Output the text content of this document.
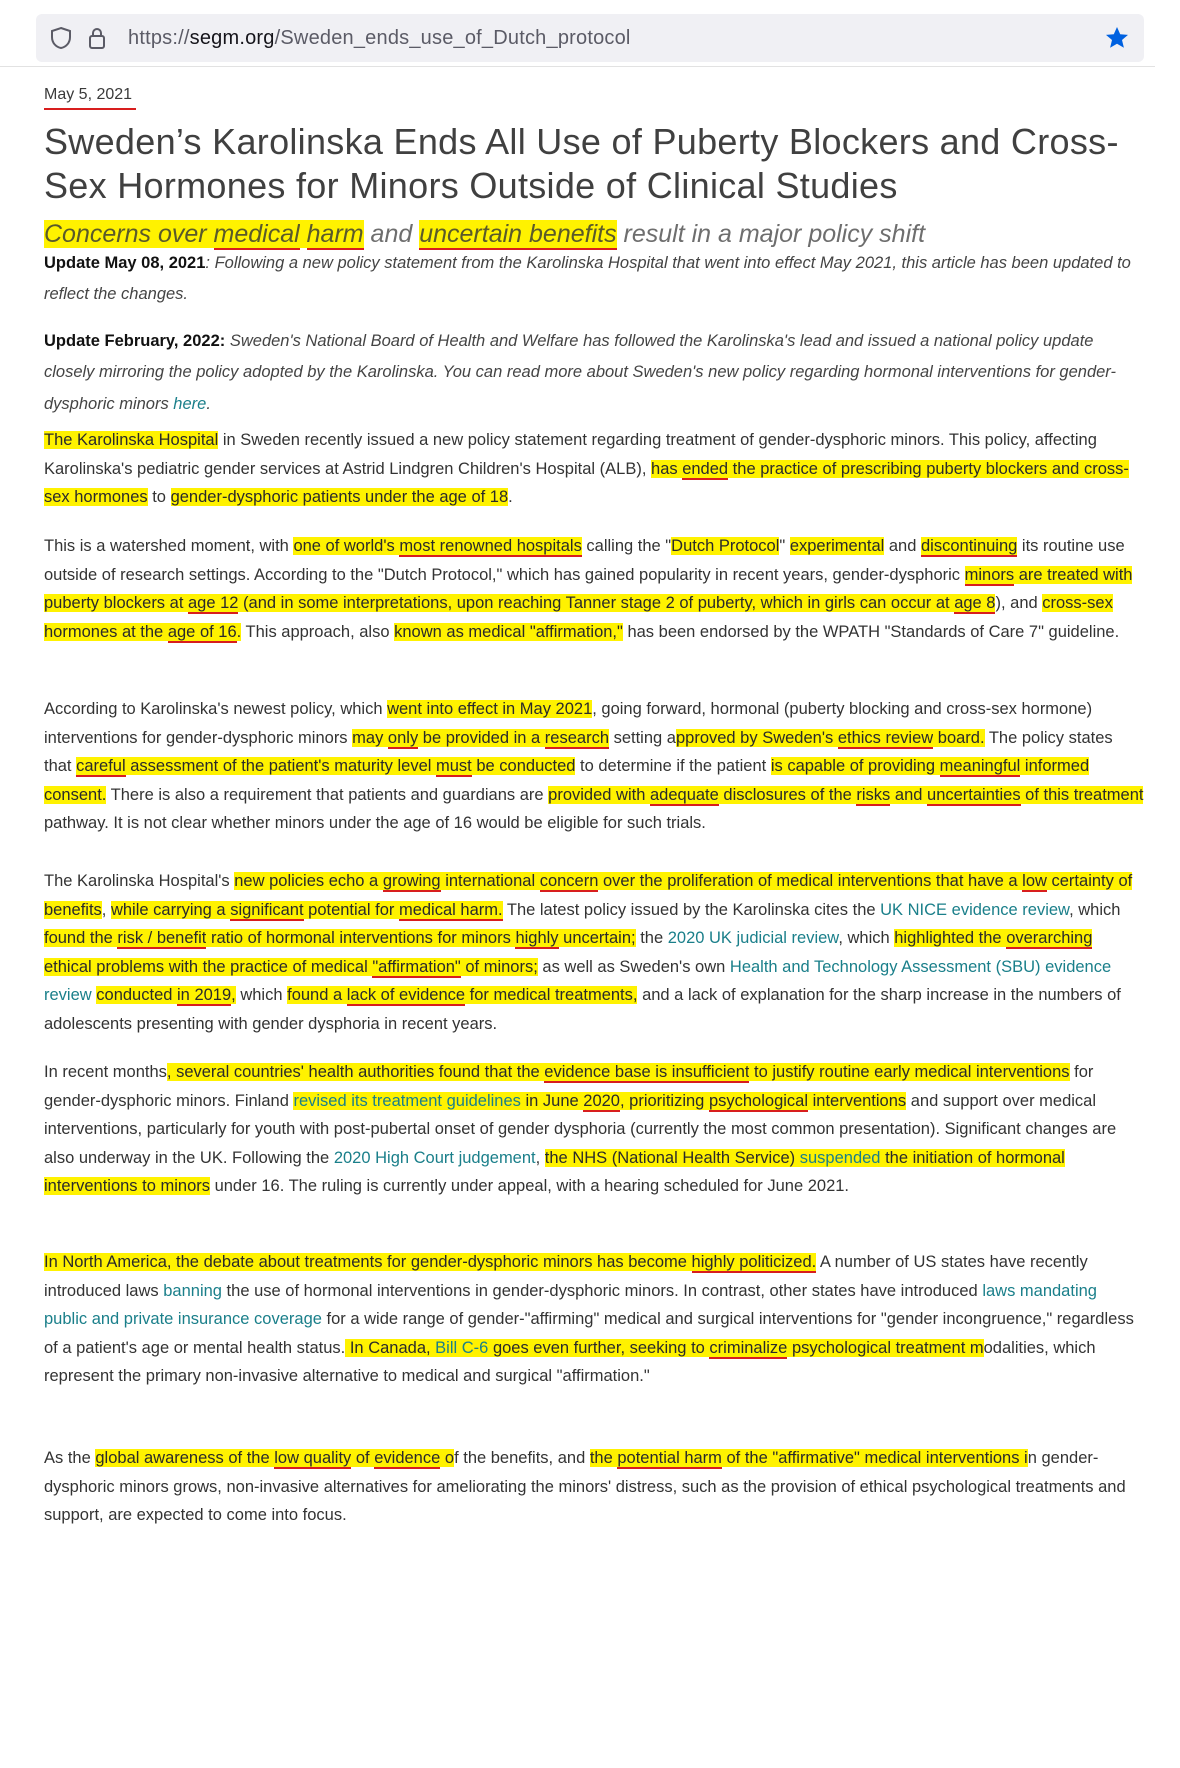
https://segm.org/Sweden_ends_use_of_Dutch_protocol
May 5, 2021
Sweden’s Karolinska Ends All Use of Puberty Blockers and Cross-Sex Hormones for Minors Outside of Clinical Studies
Concerns over medical harm and uncertain benefits result in a major policy shift
Update May 08, 2021: Following a new policy statement from the Karolinska Hospital that went into effect May 2021, this article has been updated to reflect the changes.
Update February, 2022: Sweden's National Board of Health and Welfare has followed the Karolinska's lead and issued a national policy update closely mirroring the policy adopted by the Karolinska. You can read more about Sweden's new policy regarding hormonal interventions for gender-dysphoric minors here.
The Karolinska Hospital in Sweden recently issued a new policy statement regarding treatment of gender-dysphoric minors. This policy, affecting Karolinska's pediatric gender services at Astrid Lindgren Children's Hospital (ALB), has ended the practice of prescribing puberty blockers and cross-sex hormones to gender-dysphoric patients under the age of 18.
This is a watershed moment, with one of world's most renowned hospitals calling the "Dutch Protocol" experimental and discontinuing its routine use outside of research settings. According to the "Dutch Protocol," which has gained popularity in recent years, gender-dysphoric minors are treated with puberty blockers at age 12 (and in some interpretations, upon reaching Tanner stage 2 of puberty, which in girls can occur at age 8), and cross-sex hormones at the age of 16. This approach, also known as medical "affirmation," has been endorsed by the WPATH "Standards of Care 7" guideline.
According to Karolinska's newest policy, which went into effect in May 2021, going forward, hormonal (puberty blocking and cross-sex hormone) interventions for gender-dysphoric minors may only be provided in a research setting approved by Sweden's ethics review board. The policy states that careful assessment of the patient's maturity level must be conducted to determine if the patient is capable of providing meaningful informed consent. There is also a requirement that patients and guardians are provided with adequate disclosures of the risks and uncertainties of this treatment pathway. It is not clear whether minors under the age of 16 would be eligible for such trials.
The Karolinska Hospital's new policies echo a growing international concern over the proliferation of medical interventions that have a low certainty of benefits, while carrying a significant potential for medical harm. The latest policy issued by the Karolinska cites the UK NICE evidence review, which found the risk / benefit ratio of hormonal interventions for minors highly uncertain; the 2020 UK judicial review, which highlighted the overarching ethical problems with the practice of medical "affirmation" of minors; as well as Sweden's own Health and Technology Assessment (SBU) evidence review conducted in 2019, which found a lack of evidence for medical treatments, and a lack of explanation for the sharp increase in the numbers of adolescents presenting with gender dysphoria in recent years.
In recent months, several countries' health authorities found that the evidence base is insufficient to justify routine early medical interventions for gender-dysphoric minors. Finland revised its treatment guidelines in June 2020, prioritizing psychological interventions and support over medical interventions, particularly for youth with post-pubertal onset of gender dysphoria (currently the most common presentation). Significant changes are also underway in the UK. Following the 2020 High Court judgement, the NHS (National Health Service) suspended the initiation of hormonal interventions to minors under 16. The ruling is currently under appeal, with a hearing scheduled for June 2021.
In North America, the debate about treatments for gender-dysphoric minors has become highly politicized. A number of US states have recently introduced laws banning the use of hormonal interventions in gender-dysphoric minors. In contrast, other states have introduced laws mandating public and private insurance coverage for a wide range of gender-"affirming" medical and surgical interventions for "gender incongruence," regardless of a patient's age or mental health status. In Canada, Bill C-6 goes even further, seeking to criminalize psychological treatment modalities, which represent the primary non-invasive alternative to medical and surgical "affirmation."
As the global awareness of the low quality of evidence of the benefits, and the potential harm of the "affirmative" medical interventions in gender-dysphoric minors grows, non-invasive alternatives for ameliorating the minors' distress, such as the provision of ethical psychological treatments and support, are expected to come into focus.
